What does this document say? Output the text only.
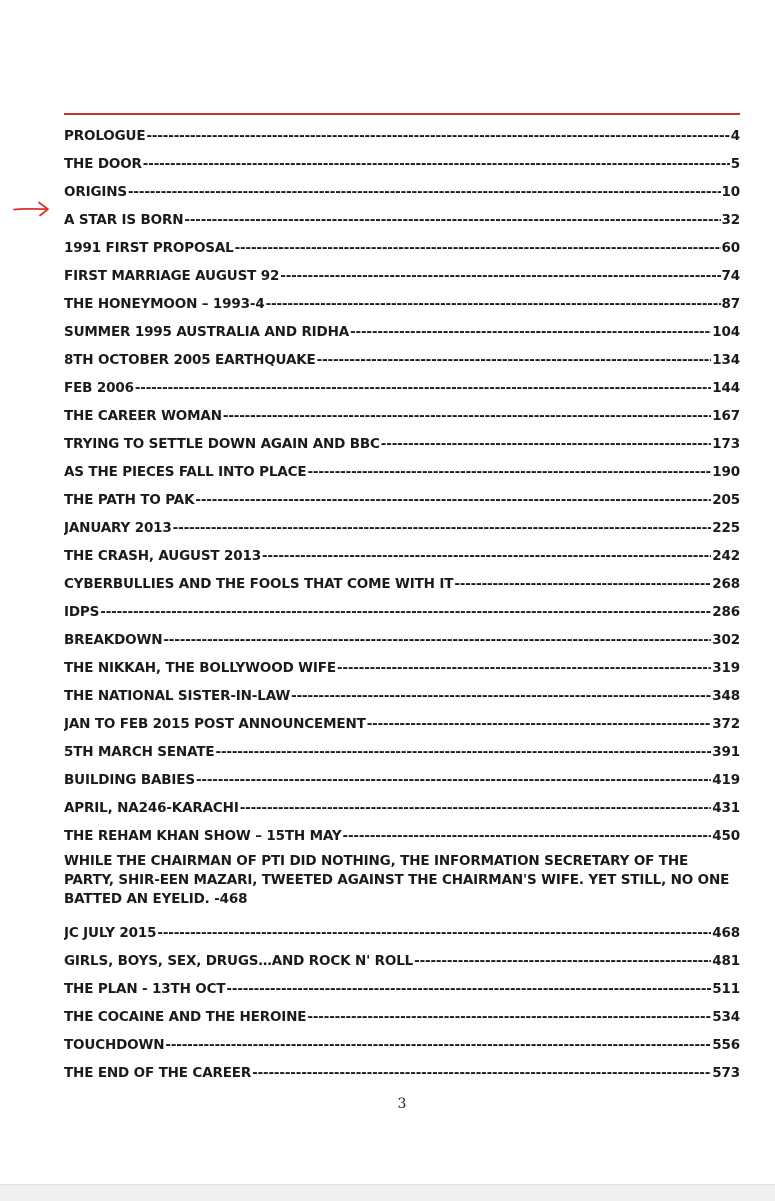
PROLOGUE -----	4
THE DOOR -----	5
ORIGINS -----	10
A STAR IS BORN -----	32
1991 FIRST PROPOSAL -----	60
FIRST MARRIAGE AUGUST 92 -----	74
THE HONEYMOON – 1993-4 -----	87
SUMMER 1995 AUSTRALIA AND RIDHA -----	104
8TH OCTOBER 2005 EARTHQUAKE -----	134
FEB 2006 -----	144
THE CAREER WOMAN -----	167
TRYING TO SETTLE DOWN AGAIN AND BBC -----	173
AS THE PIECES FALL INTO PLACE -----	190
THE PATH TO PAK -----	205
JANUARY 2013 -----	225
THE CRASH, AUGUST 2013 -----	242
CYBERBULLIES AND THE FOOLS THAT COME WITH IT -----	268
IDPS -----	286
BREAKDOWN -----	302
THE NIKKAH, THE BOLLYWOOD WIFE -----	319
THE NATIONAL SISTER-IN-LAW -----	348
JAN TO FEB 2015 POST ANNOUNCEMENT -----	372
5TH MARCH SENATE -----	391
BUILDING BABIES -----	419
APRIL, NA246-KARACHI -----	431
THE REHAM KHAN SHOW – 15TH MAY -----	450
WHILE THE CHAIRMAN OF PTI DID NOTHING, THE INFORMATION SECRETARY OF THE PARTY, SHIR-EEN MAZARI, TWEETED AGAINST THE CHAIRMAN'S WIFE. YET STILL, NO ONE BATTED AN EYELID. -468
JC JULY 2015 -----	468
GIRLS, BOYS, SEX, DRUGS…AND ROCK N' ROLL -----	481
THE PLAN - 13TH OCT -----	511
THE COCAINE AND THE HEROINE -----	534
TOUCHDOWN -----	556
THE END OF THE CAREER -----	573
3
